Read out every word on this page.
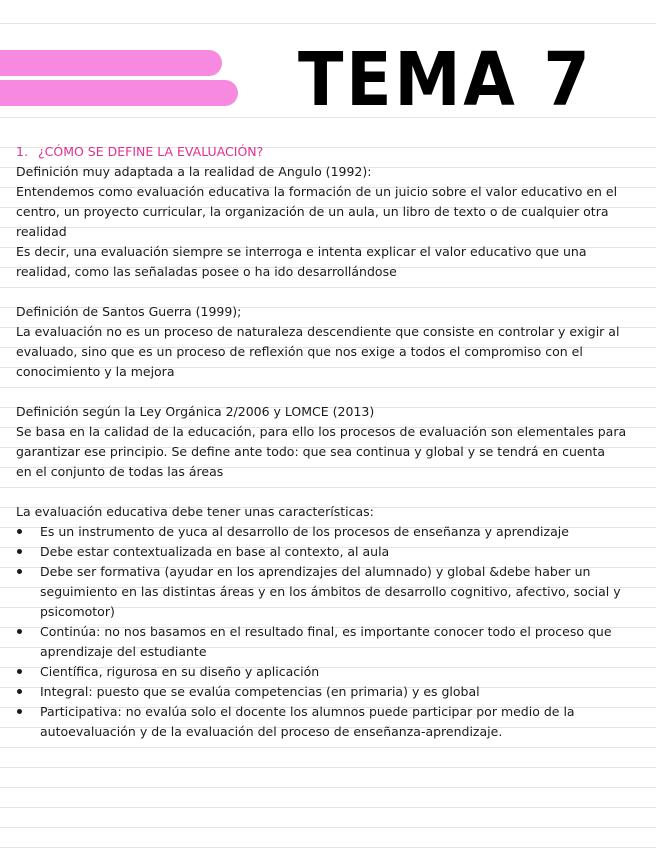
TEMA 7
1. ¿CÓMO SE DEFINE LA EVALUACIÓN?
Definición muy adaptada a la realidad de Angulo (1992):
Entendemos como evaluación educativa la formación de un juicio sobre el valor educativo en el
centro, un proyecto curricular, la organización de un aula, un libro de texto o de cualquier otra
realidad
Es decir, una evaluación siempre se interroga e intenta explicar el valor educativo que una
realidad, como las señaladas posee o ha ido desarrollándose
Definición de Santos Guerra (1999);
La evaluación no es un proceso de naturaleza descendiente que consiste en controlar y exigir al
evaluado, sino que es un proceso de reflexión que nos exige a todos el compromiso con el
conocimiento y la mejora
Definición según la Ley Orgánica 2/2006 y LOMCE (2013)
Se basa en la calidad de la educación, para ello los procesos de evaluación son elementales para
garantizar ese principio. Se define ante todo: que sea continua y global y se tendrá en cuenta
en el conjunto de todas las áreas
La evaluación educativa debe tener unas características:
Es un instrumento de yuca al desarrollo de los procesos de enseñanza y aprendizaje
Debe estar contextualizada en base al contexto, al aula
Debe ser formativa (ayudar en los aprendizajes del alumnado) y global &debe haber un
seguimiento en las distintas áreas y en los ámbitos de desarrollo cognitivo, afectivo, social y
psicomotor)
Continúa: no nos basamos en el resultado final, es importante conocer todo el proceso que
aprendizaje del estudiante
Científica, rigurosa en su diseño y aplicación
Integral: puesto que se evalúa competencias (en primaria) y es global
Participativa: no evalúa solo el docente los alumnos puede participar por medio de la
autoevaluación y de la evaluación del proceso de enseñanza-aprendizaje.
